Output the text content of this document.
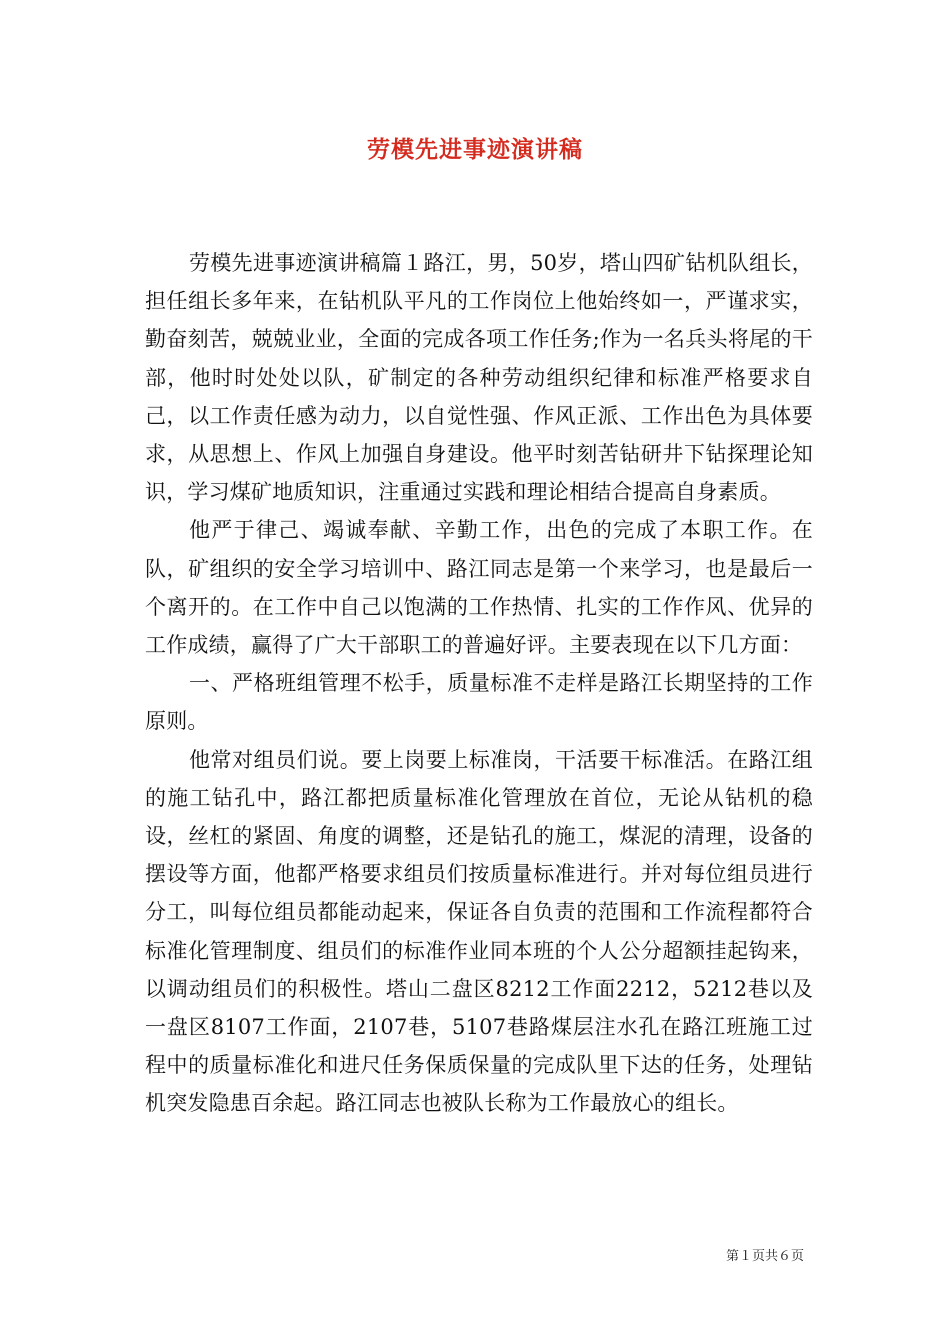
劳模先进事迹演讲稿

劳模先进事迹演讲稿篇１路江，男，50岁，塔山四矿钻机队组长，担任组长多年来，在钻机队平凡的工作岗位上他始终如一，严谨求实，勤奋刻苦，兢兢业业，全面的完成各项工作任务;作为一名兵头将尾的干部，他时时处处以队，矿制定的各种劳动组织纪律和标准严格要求自己，以工作责任感为动力，以自觉性强、作风正派、工作出色为具体要求，从思想上、作风上加强自身建设。他平时刻苦钻研井下钻探理论知识，学习煤矿地质知识，注重通过实践和理论相结合提高自身素质。

他严于律己、竭诚奉献、辛勤工作，出色的完成了本职工作。在队，矿组织的安全学习培训中、路江同志是第一个来学习，也是最后一个离开的。在工作中自己以饱满的工作热情、扎实的工作作风、优异的工作成绩，赢得了广大干部职工的普遍好评。主要表现在以下几方面：

一、严格班组管理不松手，质量标准不走样是路江长期坚持的工作原则。

他常对组员们说。要上岗要上标准岗，干活要干标准活。在路江组的施工钻孔中，路江都把质量标准化管理放在首位，无论从钻机的稳设，丝杠的紧固、角度的调整，还是钻孔的施工，煤泥的清理，设备的摆设等方面，他都严格要求组员们按质量标准进行。并对每位组员进行分工，叫每位组员都能动起来，保证各自负责的范围和工作流程都符合标准化管理制度、组员们的标准作业同本班的个人公分超额挂起钩来，以调动组员们的积极性。塔山二盘区8212工作面2212，5212巷以及一盘区8107工作面，2107巷，5107巷路煤层注水孔在路江班施工过程中的质量标准化和进尺任务保质保量的完成队里下达的任务，处理钻机突发隐患百余起。路江同志也被队长称为工作最放心的组长。

第１页共６页
